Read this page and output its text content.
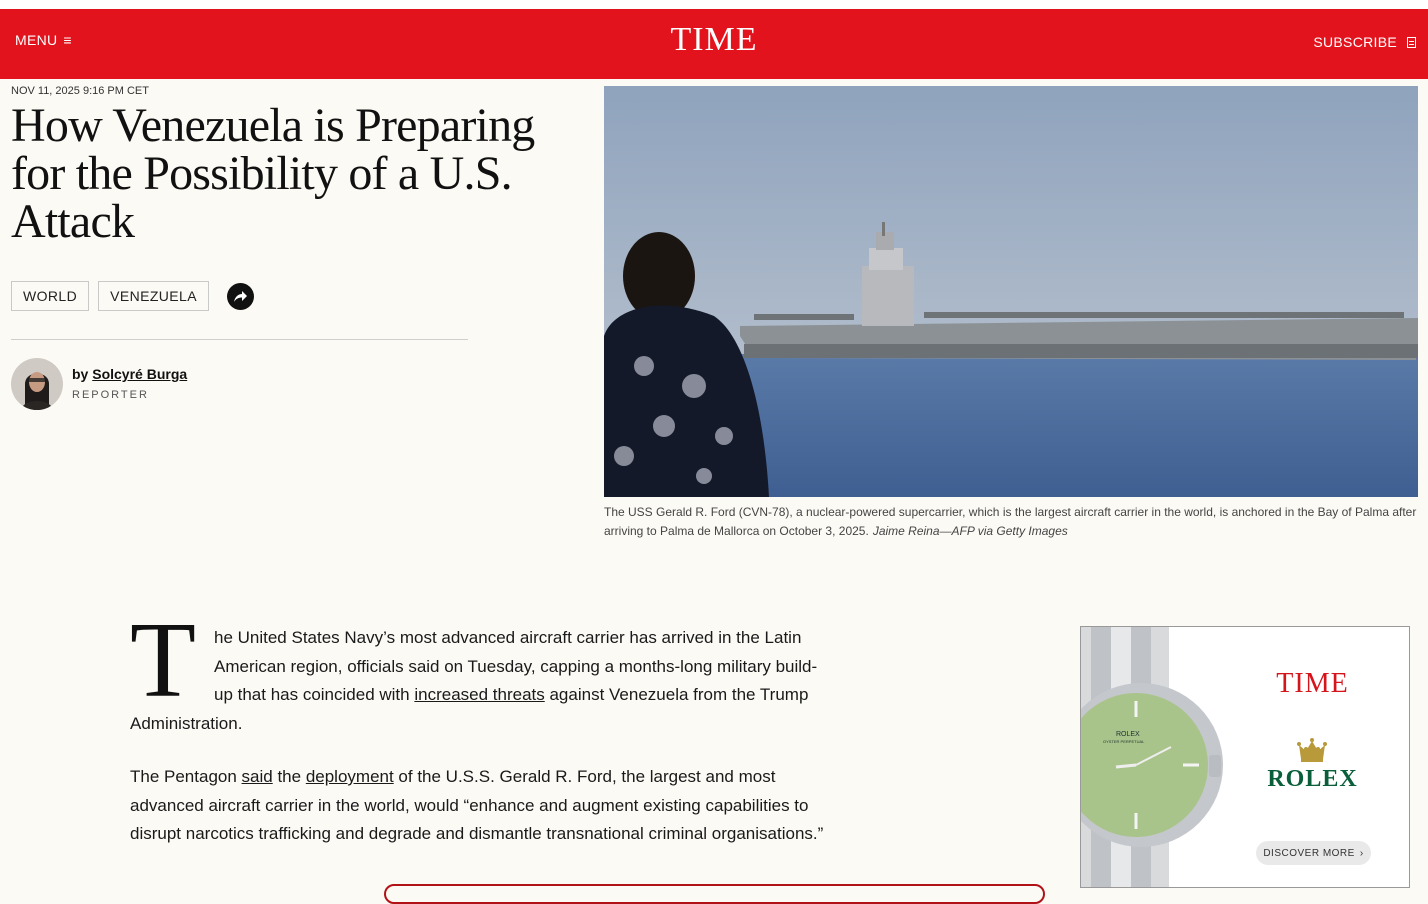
MENU ≡	TIME	SUBSCRIBE
NOV 11, 2025 9:16 PM CET
How Venezuela is Preparing for the Possibility of a U.S. Attack
WORLD	VENEZUELA
by Solcyré Burga
REPORTER
The USS Gerald R. Ford (CVN-78), a nuclear-powered supercarrier, which is the largest aircraft carrier in the world, is anchored in the Bay of Palma after arriving to Palma de Mallorca on October 3, 2025. Jaime Reina—AFP via Getty Images

T he United States Navy’s most advanced aircraft carrier has arrived in the Latin American region, officials said on Tuesday, capping a months-long military build-up that has coincided with increased threats against Venezuela from the Trump Administration.

The Pentagon said the deployment of the U.S.S. Gerald R. Ford, the largest and most advanced aircraft carrier in the world, would “enhance and augment existing capabilities to disrupt narcotics trafficking and degrade and dismantle transnational criminal organisations.”

ROLEX
OYSTER PERPETUAL
TIME
ROLEX
DISCOVER MORE ›
